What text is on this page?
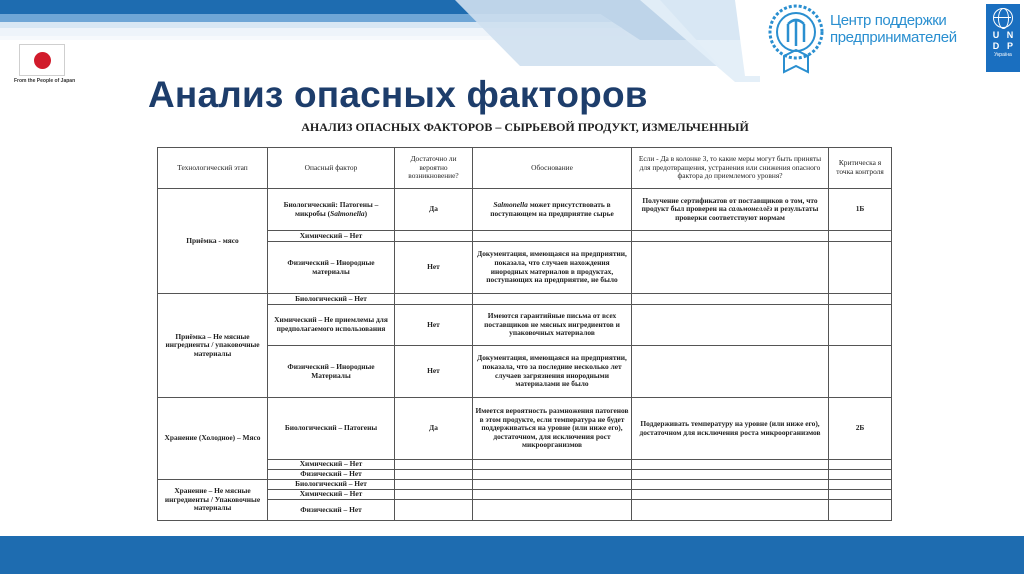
From the People of Japan Анализ опасных факторов
Центр поддержки предпринимателей	U N
D P
Україна
АНАЛИЗ ОПАСНЫХ ФАКТОРОВ – СЫРЬЕВОЙ ПРОДУКТ, ИЗМЕЛЬЧЕННЫЙ
Технологический этап	Опасный фактор	Достаточно ли вероятно возникновение?	Обоснование	Если - Да в колонке 3, то какие меры могут быть приняты для предотвращения, устранения или снижения опасного фактора до приемлемого уровня?	Критическа я точка контроля
Приёмка - мясо	Биологический: Патогены – микробы (Salmonella)	Да	Salmonella может присутствовать в поступающем на предприятие сырье	Получение сертификатов от поставщиков о том, что продукт был проверен на сальмонеллёз и результаты проверки соответствуют нормам	1Б
	Химический – Нет				
	Физический – Инородные материалы	Нет	Документация, имеющаяся на предприятии, показала, что случаев нахождения инородных материалов в продуктах, поступающих на предприятие, не было		
Приёмка – Не мясные ингредиенты / упаковочные материалы	Биологический – Нет				
	Химический – Не приемлемы для предполагаемого использования	Нет	Имеются гарантийные письма от всех поставщиков не мясных ингредиентов и упаковочных материалов		
	Физический – Инородные Материалы	Нет	Документация, имеющаяся на предприятии, показала, что за последние несколько лет случаев загрязнения инородными материалами не было		

Хранение (Холодное) – Мясо	Биологический – Патогены	Да	Имеется вероятность размножения патогенов в этом продукте, если температура не будет поддерживаться на уровне (или ниже его), достаточном, для исключения рост микроорганизмов	Поддерживать температуру на уровне (или ниже его), достаточном для исключения роста микроорганизмов	2Б
	Химический – Нет				
	Физический – Нет				
Хранение – Не мясные ингредиенты / Упаковочные материалы	Биологический – Нет				
	Химический – Нет				
	Физический – Нет				
